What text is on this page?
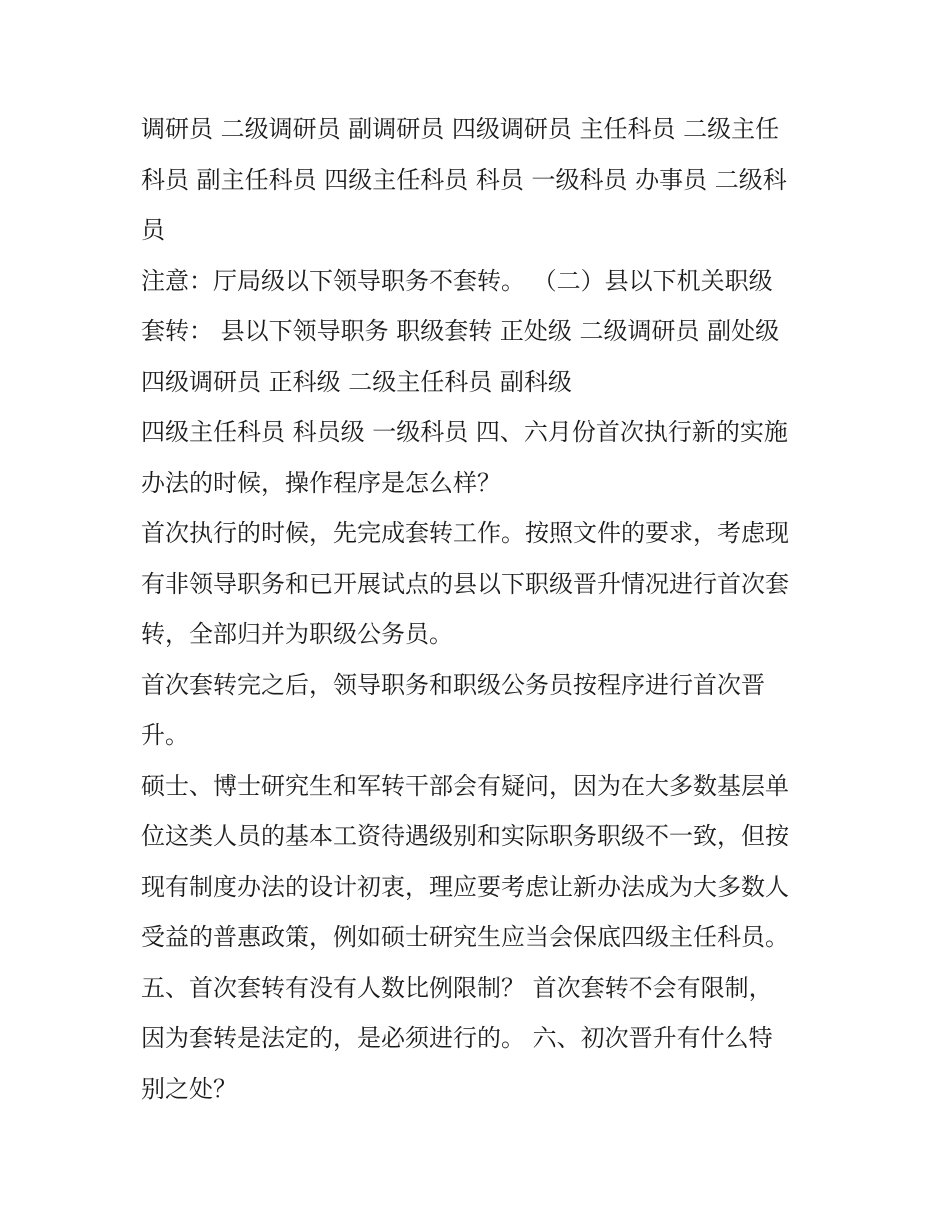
调研员 二级调研员 副调研员 四级调研员 主任科员 二级主任
科员 副主任科员 四级主任科员 科员 一级科员 办事员 二级科
员
注意：厅局级以下领导职务不套转。 （二）县以下机关职级
套转： 县以下领导职务 职级套转 正处级 二级调研员 副处级
四级调研员 正科级 二级主任科员 副科级
四级主任科员 科员级 一级科员 四、六月份首次执行新的实施
办法的时候，操作程序是怎么样？
首次执行的时候，先完成套转工作。按照文件的要求，考虑现
有非领导职务和已开展试点的县以下职级晋升情况进行首次套
转，全部归并为职级公务员。
首次套转完之后，领导职务和职级公务员按程序进行首次晋
升。
硕士、博士研究生和军转干部会有疑问，因为在大多数基层单
位这类人员的基本工资待遇级别和实际职务职级不一致，但按
现有制度办法的设计初衷，理应要考虑让新办法成为大多数人
受益的普惠政策，例如硕士研究生应当会保底四级主任科员。
五、首次套转有没有人数比例限制？ 首次套转不会有限制，
因为套转是法定的，是必须进行的。 六、初次晋升有什么特
别之处？
